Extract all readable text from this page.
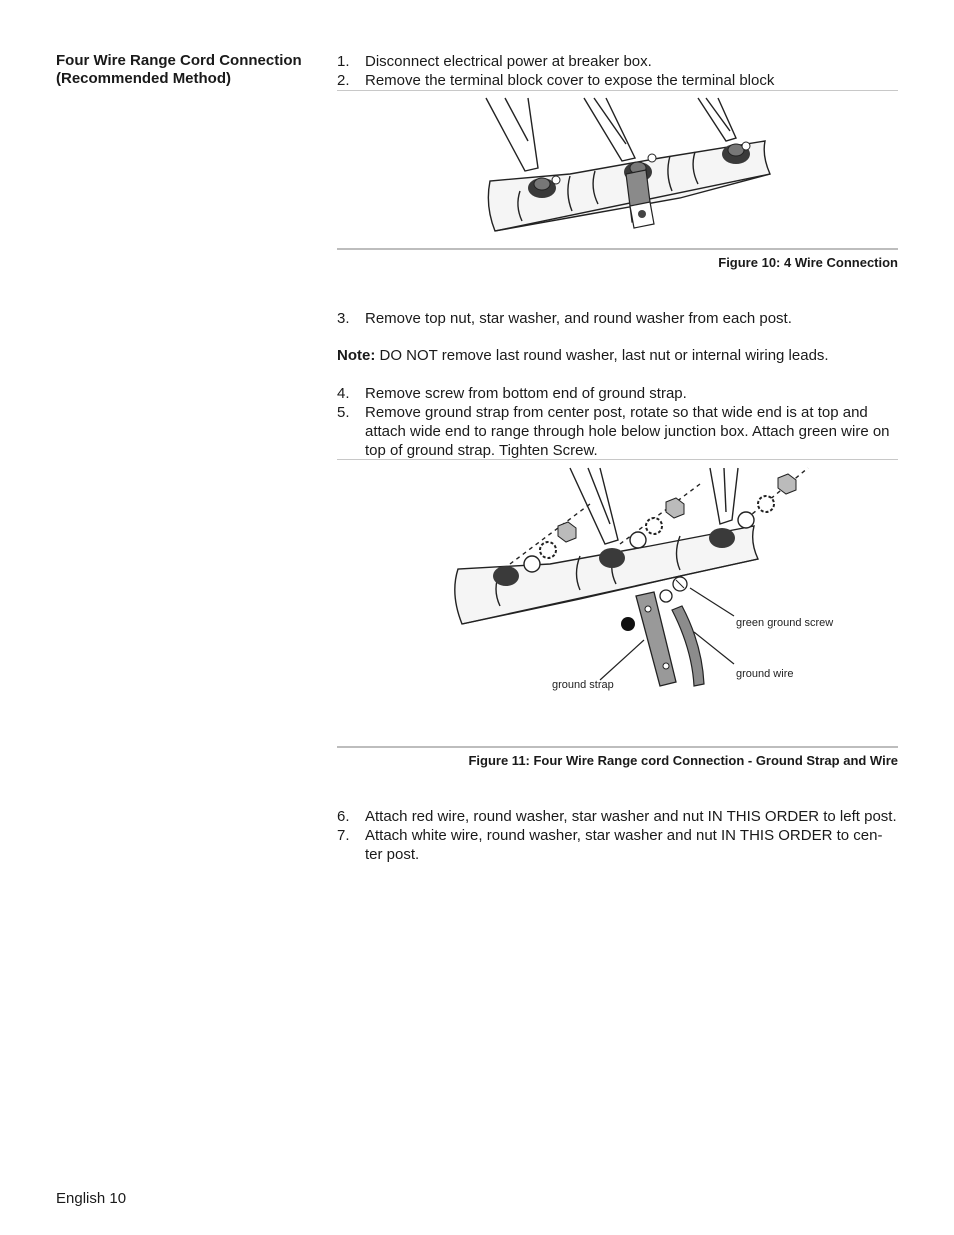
Four Wire Range Cord Connection
(Recommended Method)
1. Disconnect electrical power at breaker box.
2. Remove the terminal block cover to expose the terminal block
Figure 10: 4 Wire Connection
3. Remove top nut, star washer, and round washer from each post.
Note: DO NOT remove last round washer, last nut or internal wiring leads.
4. Remove screw from bottom end of ground strap.
5. Remove ground strap from center post, rotate so that wide end is at top and attach wide end to range through hole below junction box. Attach green wire on top of ground strap. Tighten Screw.
green ground screw
ground wire
ground strap
Figure 11: Four Wire Range cord Connection - Ground Strap and Wire
6. Attach red wire, round washer, star washer and nut IN THIS ORDER to left post.
7. Attach white wire, round washer, star washer and nut IN THIS ORDER to cen-ter post.
English 10
